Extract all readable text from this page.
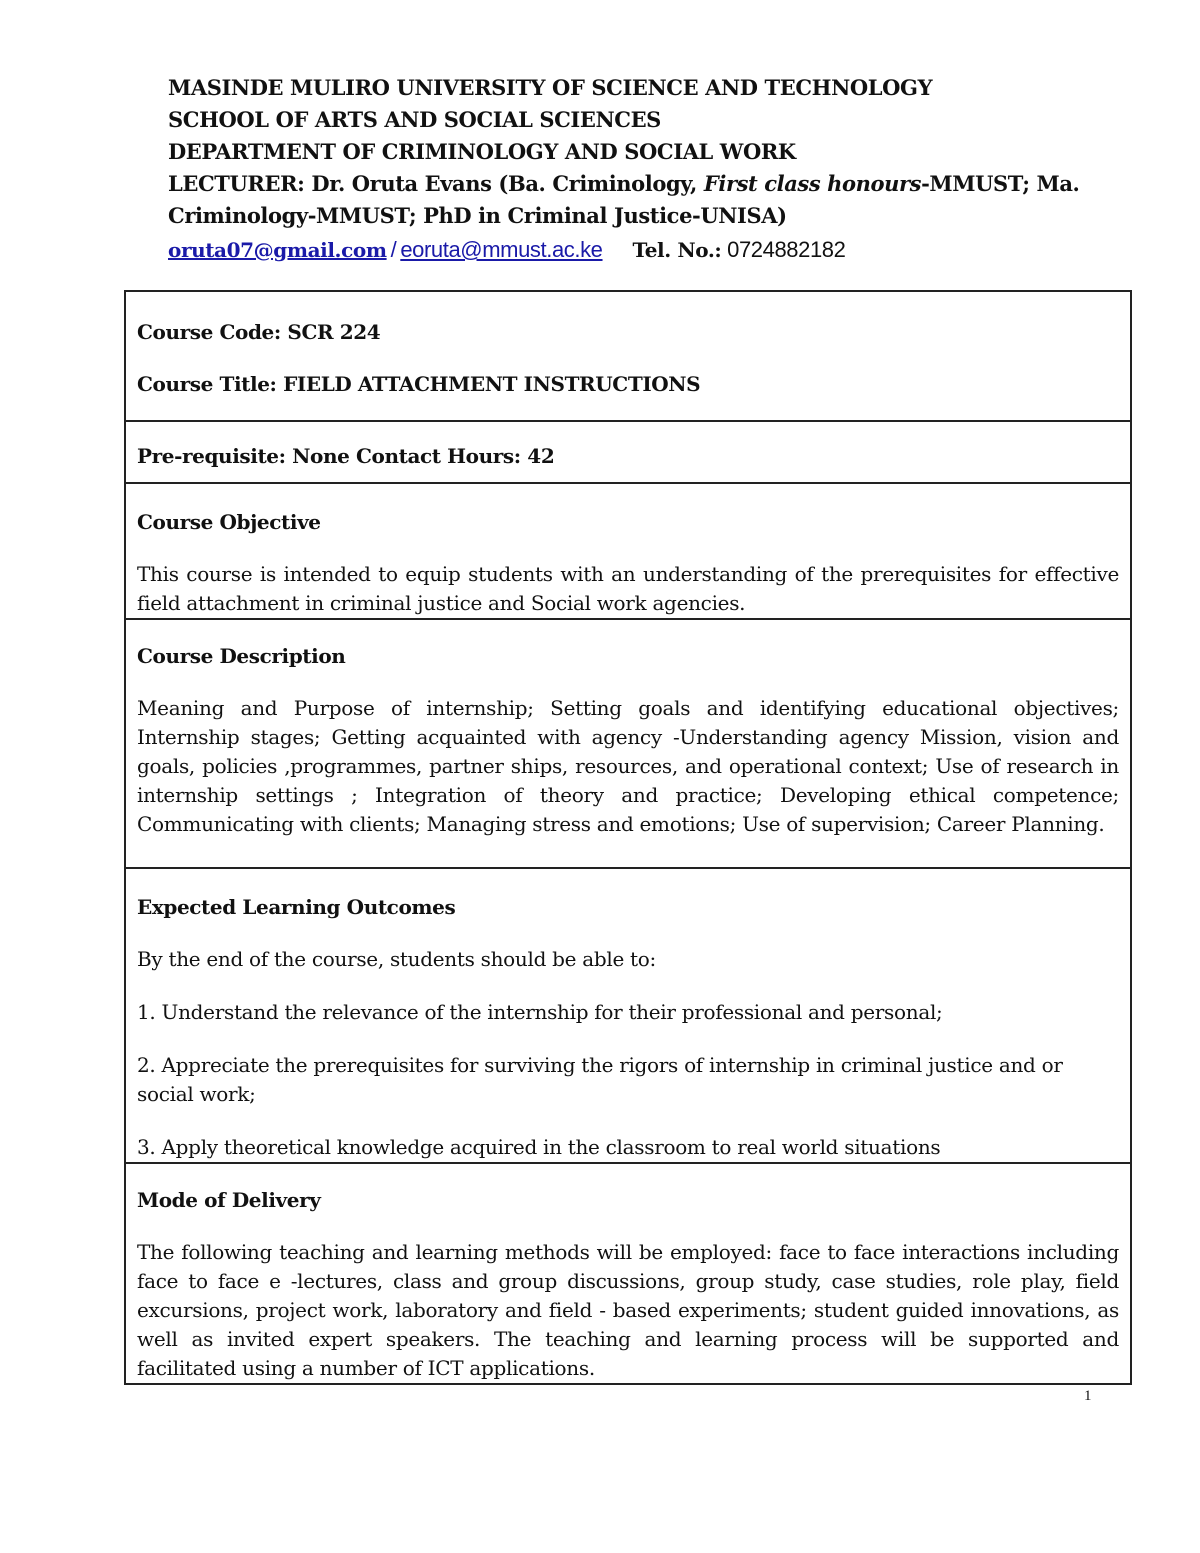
MASINDE MULIRO UNIVERSITY OF SCIENCE AND TECHNOLOGY
SCHOOL OF ARTS AND SOCIAL SCIENCES
DEPARTMENT OF CRIMINOLOGY AND SOCIAL WORK
LECTURER: Dr. Oruta Evans (Ba. Criminology, First class honours-MMUST; Ma.
Criminology-MMUST; PhD in Criminal Justice-UNISA)
oruta07@gmail.com / eoruta@mmust.ac.ke Tel. No.: 0724882182
Course Code: SCR 224
Course Title: FIELD ATTACHMENT INSTRUCTIONS

Pre-requisite: None Contact Hours: 42

Course Objective

This course is intended to equip students with an understanding of the prerequisites for effective field attachment in criminal justice and Social work agencies.

Course Description

Meaning and Purpose of internship; Setting goals and identifying educational objectives; Internship stages; Getting acquainted with agency -Understanding agency Mission, vision and goals, policies ,programmes, partner ships, resources, and operational context; Use of research in internship settings ; Integration of theory and practice; Developing ethical competence; Communicating with clients; Managing stress and emotions; Use of supervision; Career Planning.

Expected Learning Outcomes

By the end of the course, students should be able to:

1. Understand the relevance of the internship for their professional and personal;

2. Appreciate the prerequisites for surviving the rigors of internship in criminal justice and or social work;

3. Apply theoretical knowledge acquired in the classroom to real world situations

Mode of Delivery

The following teaching and learning methods will be employed: face to face interactions including face to face e -lectures, class and group discussions, group study, case studies, role play, field excursions, project work, laboratory and field - based experiments; student guided innovations, as well as invited expert speakers. The teaching and learning process will be supported and facilitated using a number of ICT applications.

1
